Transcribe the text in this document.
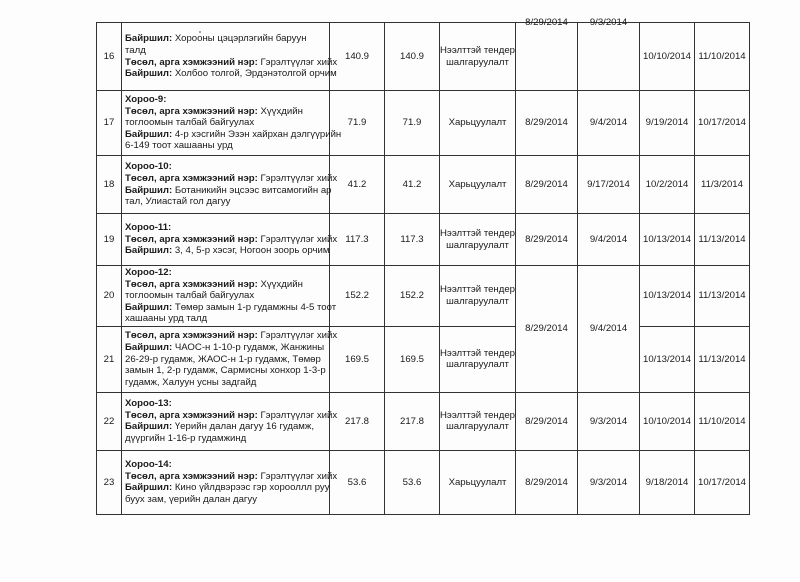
16	Байршил: Хорооны цэцэрлэгийн баруун
талд
Төсөл, арга хэмжээний нэр: Гэрэлтүүлэг хийх
Байршил: Холбоо толгой, Эрдэнэтолгой орчим	140.9	140.9	Нээлттэй тендер шалгаруулалт	8/29/2014	9/3/2014	10/10/2014	11/10/2014
17	Хороо-9:
Төсөл, арга хэмжээний нэр: Хүүхдийн
тоглоомын талбай байгуулах
Байршил: 4-р хэсгийн Эзэн хайрхан дэлгүүрийн
6-149 тоот хашааны урд	71.9	71.9	Харьцуулалт	8/29/2014	9/4/2014	9/19/2014	10/17/2014
18	Хороо-10:
Төсөл, арга хэмжээний нэр: Гэрэлтүүлэг хийх
Байршил: Ботаникийн эцсээс витсамогийн ар
тал, Улиастай гол дагуу	41.2	41.2	Харьцуулалт	8/29/2014	9/17/2014	10/2/2014	11/3/2014
19	Хороо-11:
Төсөл, арга хэмжээний нэр: Гэрэлтүүлэг хийх
Байршил: 3, 4, 5-р хэсэг, Ногоон зоорь орчим	117.3	117.3	Нээлттэй тендер шалгаруулалт	8/29/2014	9/4/2014	10/13/2014	11/13/2014
20	Хороо-12:
Төсөл, арга хэмжээний нэр: Хүүхдийн
тоглоомын талбай байгуулах
Байршил: Төмөр замын 1-р гудамжны 4-5 тоот
хашааны урд талд	152.2	152.2	Нээлттэй тендер шалгаруулалт	8/29/2014	9/4/2014	10/13/2014	11/13/2014
21	Төсөл, арга хэмжээний нэр: Гэрэлтүүлэг хийх
Байршил: ЧАОС-н 1-10-р гудамж, Жанжины
26-29-р гудамж, ЖАОС-н 1-р гудамж, Төмөр
замын 1, 2-р гудамж, Сармисны хонхор 1-3-р
гудамж, Халуун усны задгайд	169.5	169.5	Нээлттэй тендер шалгаруулалт			10/13/2014	11/13/2014
22	Хороо-13:
Төсөл, арга хэмжээний нэр: Гэрэлтүүлэг хийх
Байршил: Үерийн далан дагуу 16 гудамж,
дүүргийн 1-16-р гудамжинд	217.8	217.8	Нээлттэй тендер шалгаруулалт	8/29/2014	9/3/2014	10/10/2014	11/10/2014
23	Хороо-14:
Төсөл, арга хэмжээний нэр: Гэрэлтүүлэг хийх
Байршил: Кино үйлдвэрээс гэр хорооллл руу
бууx зам, үерийн далан дагуу	53.6	53.6	Харьцуулалт	8/29/2014	9/3/2014	9/18/2014	10/17/2014
